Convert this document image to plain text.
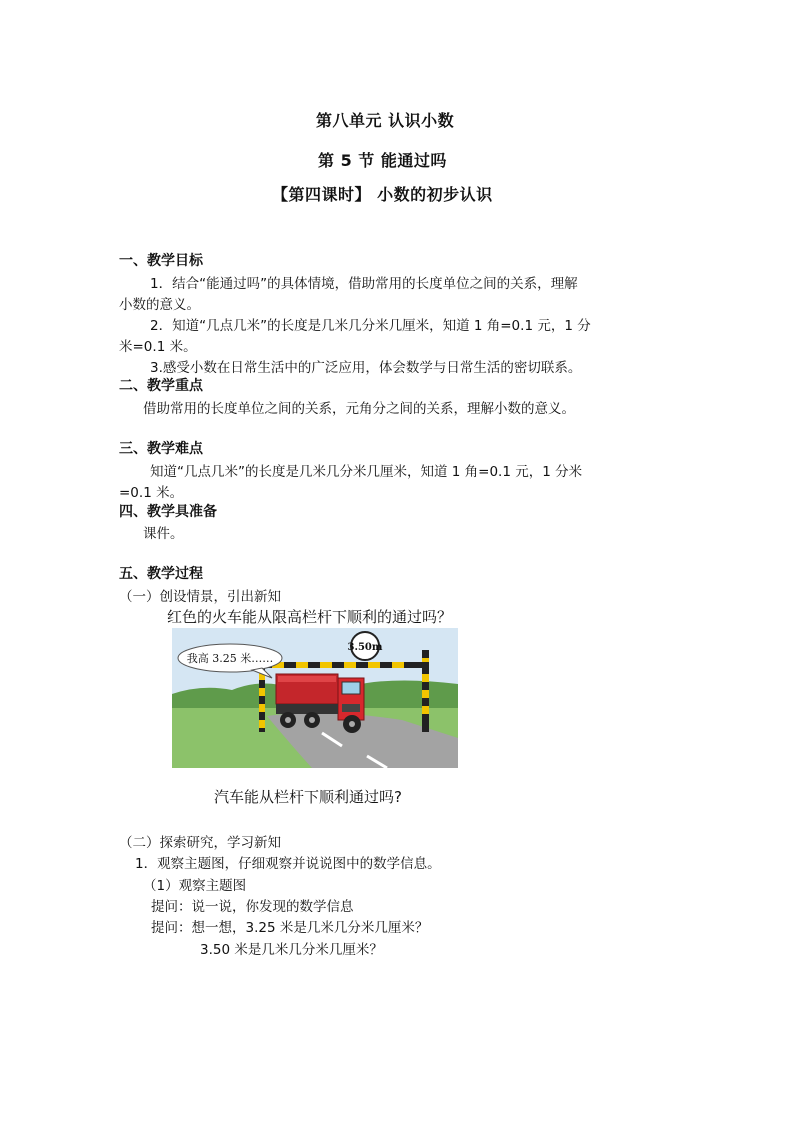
第八单元 认识小数
第 5 节 能通过吗
【第四课时】 小数的初步认识
一、教学目标
1．结合“能通过吗”的具体情境，借助常用的长度单位之间的关系，理解
小数的意义。
2．知道“几点几米”的长度是几米几分米几厘米，知道 1 角=0.1 元，1 分
米=0.1 米。
3.感受小数在日常生活中的广泛应用，体会数学与日常生活的密切联系。
二、教学重点
借助常用的长度单位之间的关系，元角分之间的关系，理解小数的意义。
三、教学难点
知道“几点几米”的长度是几米几分米几厘米，知道 1 角=0.1 元，1 分米
=0.1 米。
四、教学具准备
课件。
五、教学过程
（一）创设情景，引出新知
红色的火车能从限高栏杆下顺利的通过吗？
3.50m
我高 3.25 米……
汽车能从栏杆下顺利通过吗?
（二）探索研究，学习新知
1．观察主题图，仔细观察并说说图中的数学信息。
（1）观察主题图
提问：说一说，你发现的数学信息
提问：想一想，3.25 米是几米几分米几厘米？
3.50 米是几米几分米几厘米？
